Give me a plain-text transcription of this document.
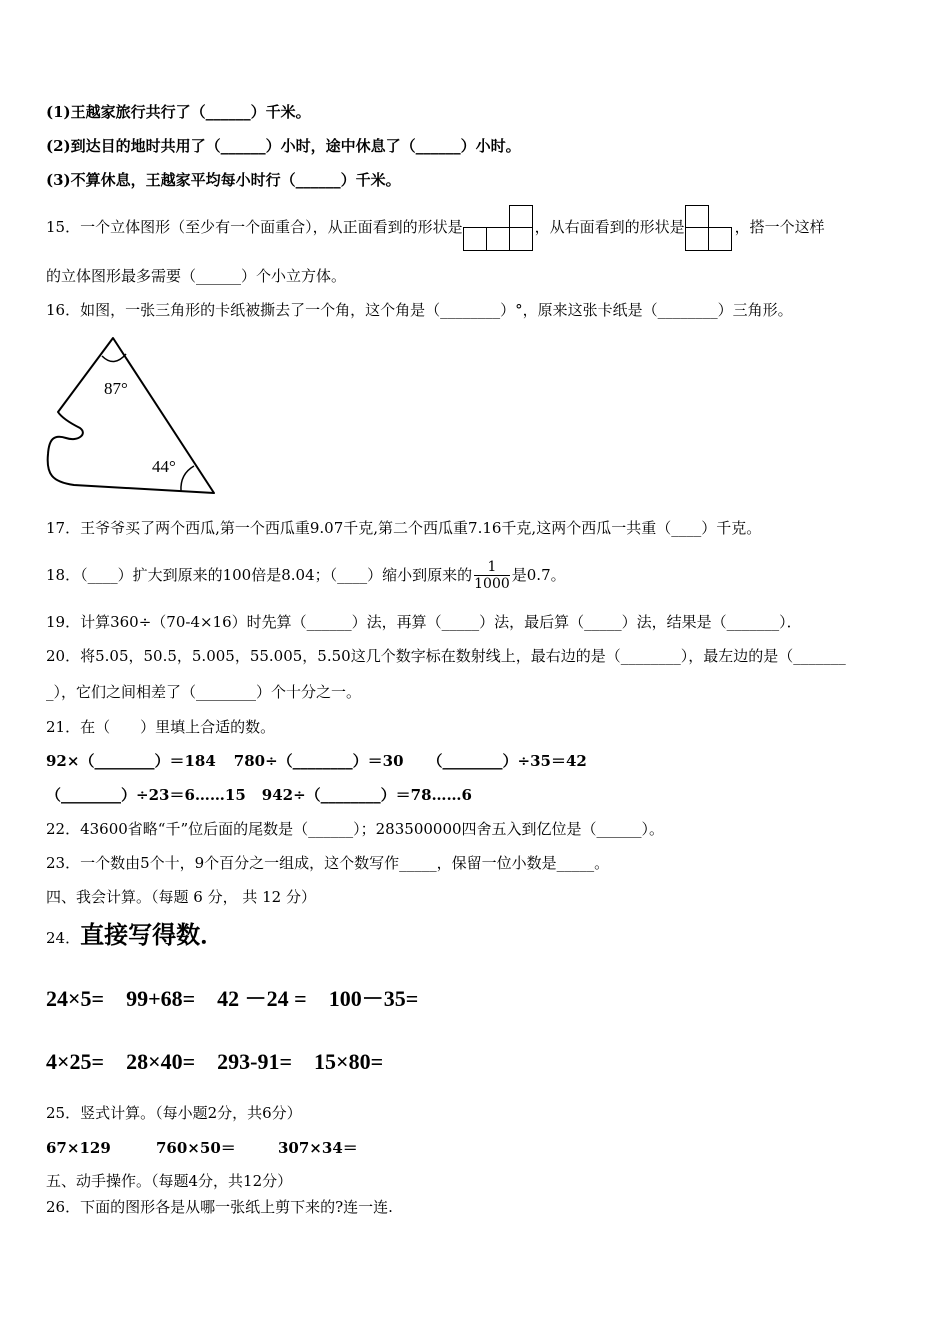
(1)王越家旅行共行了（______）千米。
(2)到达目的地时共用了（______）小时，途中休息了（______）小时。
(3)不算休息，王越家平均每小时行（______）千米。
15．一个立体图形（至少有一个面重合），从正面看到的形状是	，从右面看到的形状是	，搭一个这样
的立体图形最多需要（______）个小立方体。
16．如图，一张三角形的卡纸被撕去了一个角，这个角是（________）°，原来这张卡纸是（________）三角形。
87°
44°
17．王爷爷买了两个西瓜,第一个西瓜重9.07千克,第二个西瓜重7.16千克,这两个西瓜一共重（____）千克。
18．（____）扩大到原来的100倍是8.04；（____）缩小到原来的 $\frac{1}{1000}$ 是0.7。
19．计算360÷（70-4×16）时先算（______）法，再算（_____）法，最后算（_____）法，结果是（_______）．
20．将5.05，50.5，5.005，55.005，5.50这几个数字标在数射线上，最右边的是（________），最左边的是（_______
_），它们之间相差了（________）个十分之一。
21．在（　　）里填上合适的数。
92×（________）＝184 780÷（________）＝30 （________）÷35＝42
（________）÷23＝6……15 942÷（________）＝78……6
22．43600省略“千”位后面的尾数是（______）；283500000四舍五入到亿位是（______）。
23．一个数由5个十，9个百分之一组成，这个数写作_____，保留一位小数是_____。
四、我会计算。（每题 6 分， 共 12 分）
24．直接写得数．
24×5= 99+68= 42 －24 = 100－35=
4×25= 28×40= 293-91= 15×80=
25．竖式计算。（每小题2分，共6分）
67×129	760×50＝	307×34＝
五、动手操作。（每题4分，共12分）
26．下面的图形各是从哪一张纸上剪下来的?连一连.
